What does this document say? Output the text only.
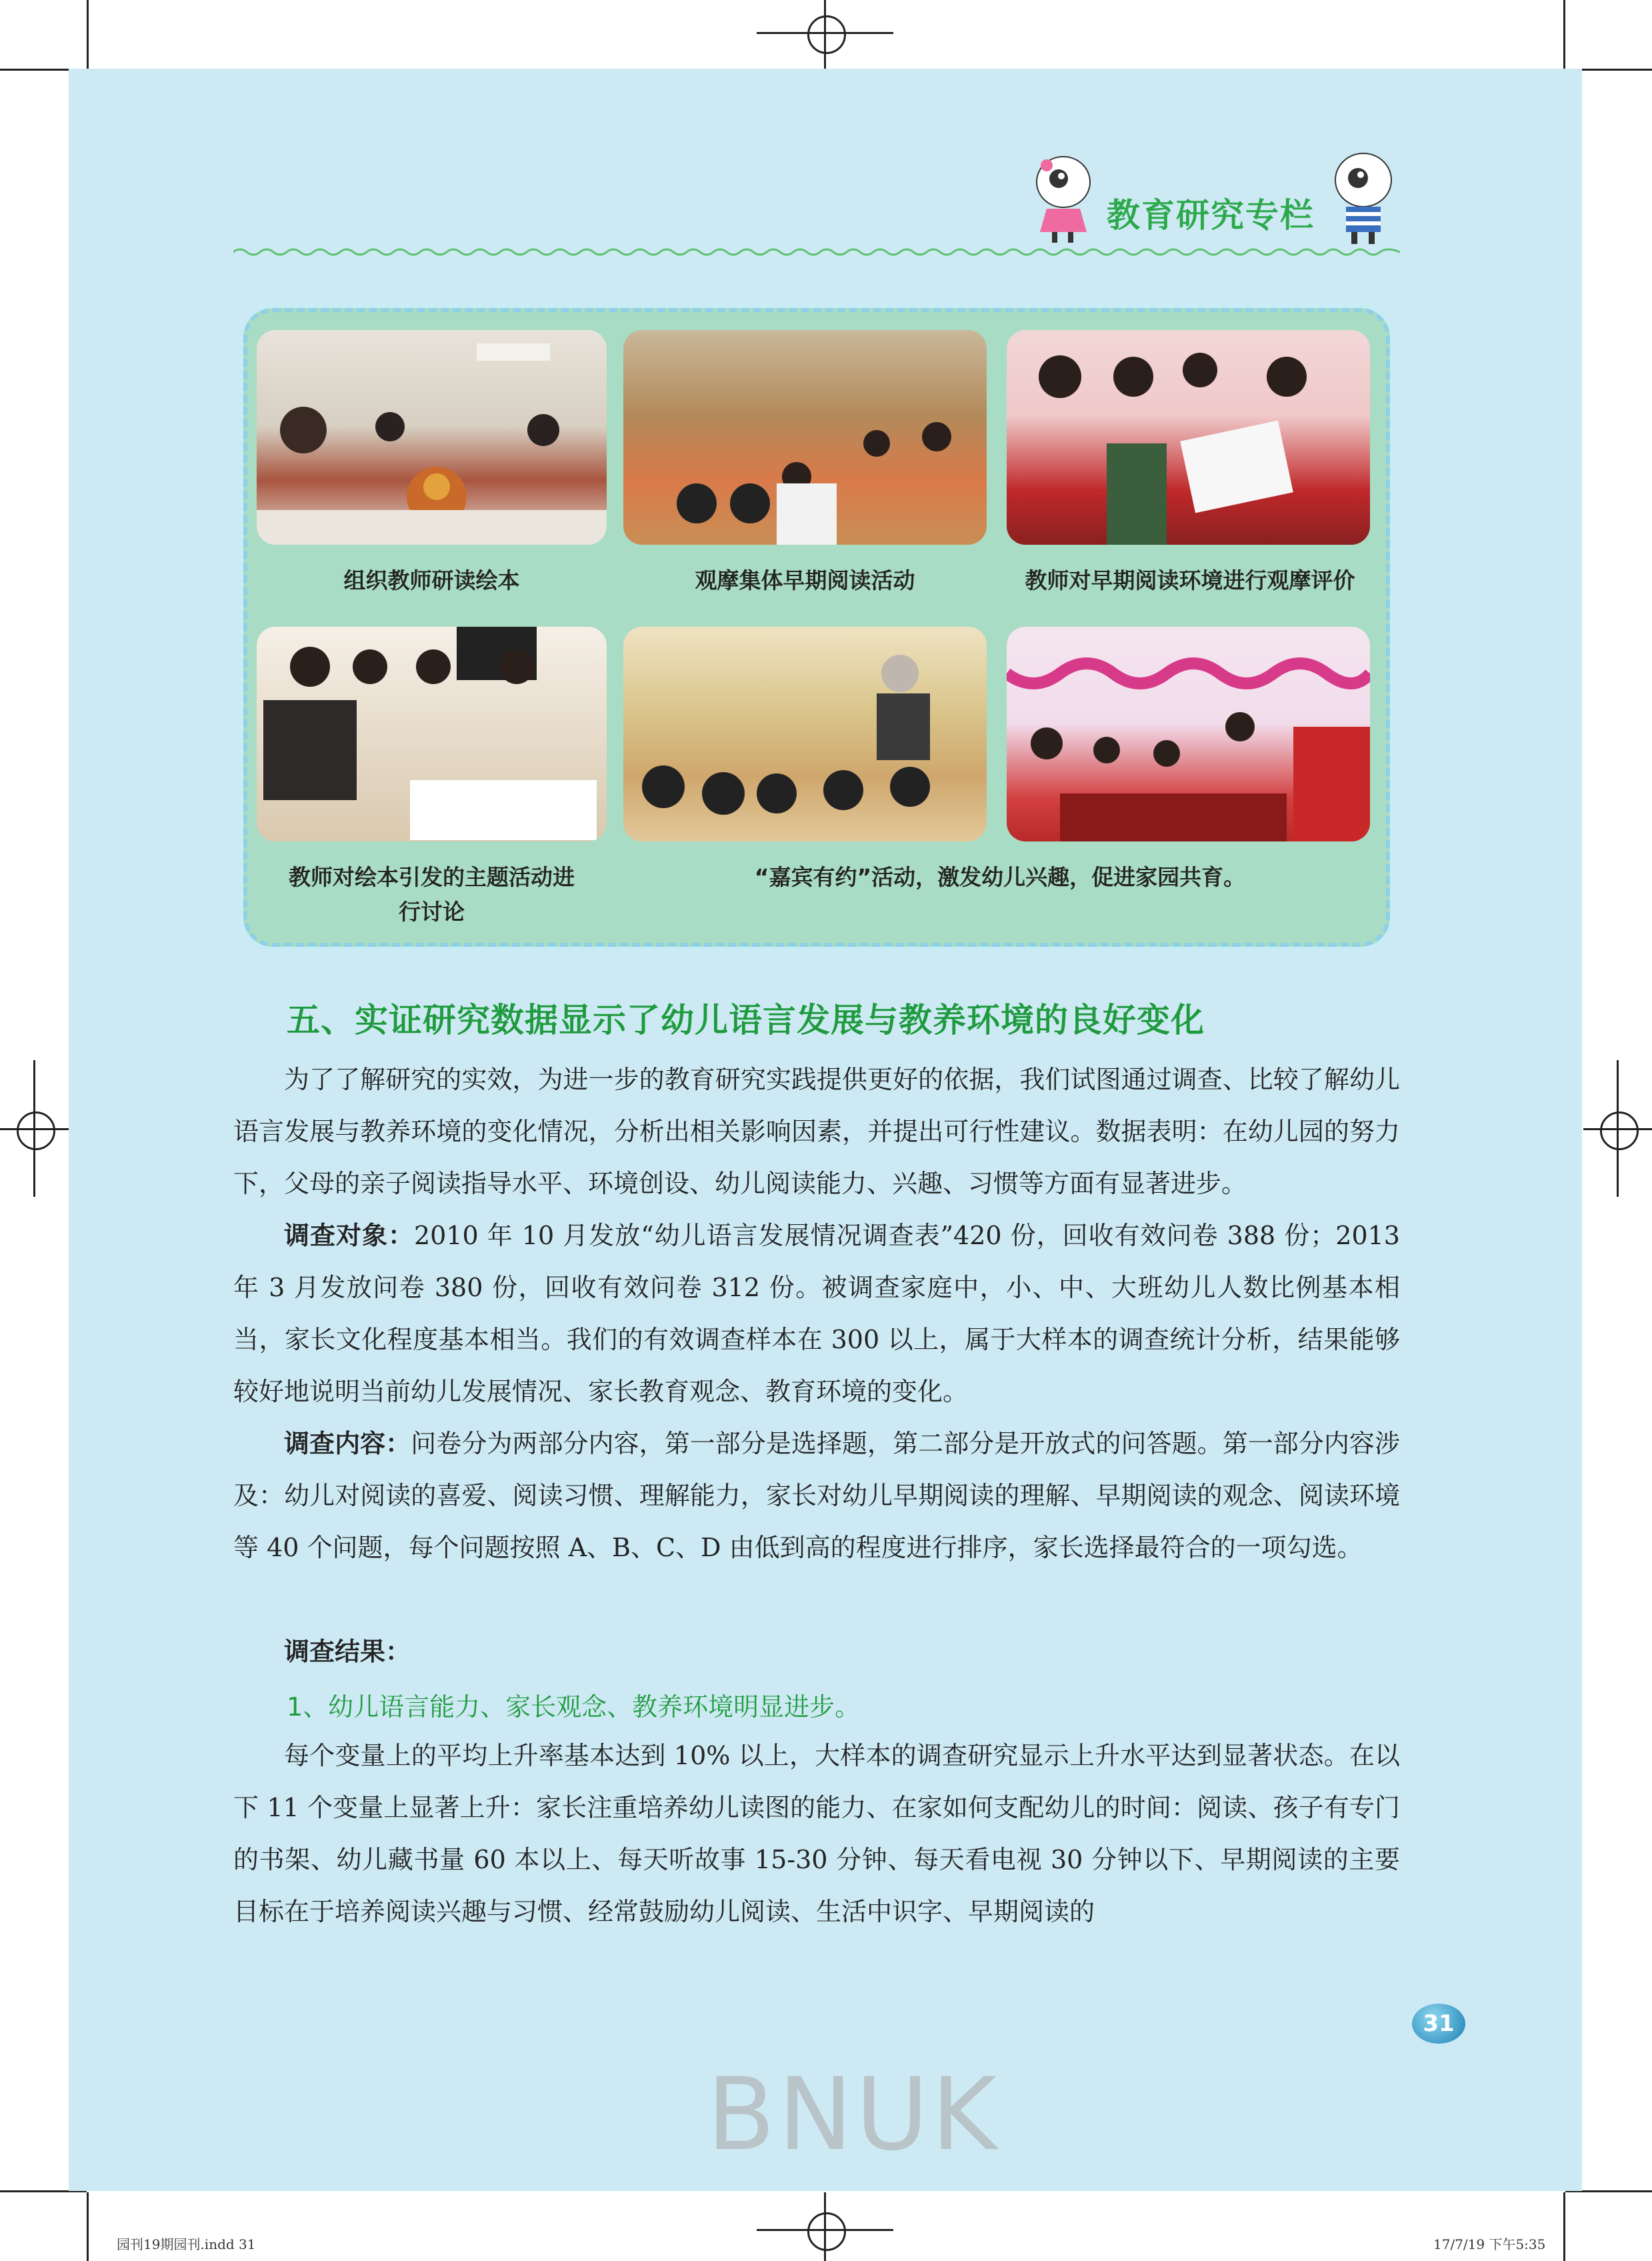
教育研究专栏
组织教师研读绘本	观摩集体早期阅读活动	教师对早期阅读环境进行观摩评价
教师对绘本引发的主题活动进
行讨论
“嘉宾有约”活动，激发幼儿兴趣，促进家园共育。
五、实证研究数据显示了幼儿语言发展与教养环境的良好变化
为了了解研究的实效，为进一步的教育研究实践提供更好的依据，我们试图通过调查、比较了解幼儿语言发展与教养环境的变化情况，分析出相关影响因素，并提出可行性建议。数据表明：在幼儿园的努力下，父母的亲子阅读指导水平、环境创设、幼儿阅读能力、兴趣、习惯等方面有显著进步。
调查对象：2010 年 10 月发放“幼儿语言发展情况调查表”420 份，回收有效问卷 388 份；2013 年 3 月发放问卷 380 份，回收有效问卷 312 份。被调查家庭中，小、中、大班幼儿人数比例基本相当，家长文化程度基本相当。我们的有效调查样本在 300 以上，属于大样本的调查统计分析，结果能够较好地说明当前幼儿发展情况、家长教育观念、教育环境的变化。
调查内容：问卷分为两部分内容，第一部分是选择题，第二部分是开放式的问答题。第一部分内容涉及：幼儿对阅读的喜爱、阅读习惯、理解能力，家长对幼儿早期阅读的理解、早期阅读的观念、阅读环境等 40 个问题，每个问题按照 A、B、C、D 由低到高的程度进行排序，家长选择最符合的一项勾选。
调查结果：
1、幼儿语言能力、家长观念、教养环境明显进步。
每个变量上的平均上升率基本达到 10% 以上，大样本的调查研究显示上升水平达到显著状态。在以下 11 个变量上显著上升：家长注重培养幼儿读图的能力、在家如何支配幼儿的时间：阅读、孩子有专门的书架、幼儿藏书量 60 本以上、每天听故事 15-30 分钟、每天看电视 30 分钟以下、早期阅读的主要目标在于培养阅读兴趣与习惯、经常鼓励幼儿阅读、生活中识字、早期阅读的
31
BNUK
园刊19期园刊.indd 31	17/7/19 下午5:35
